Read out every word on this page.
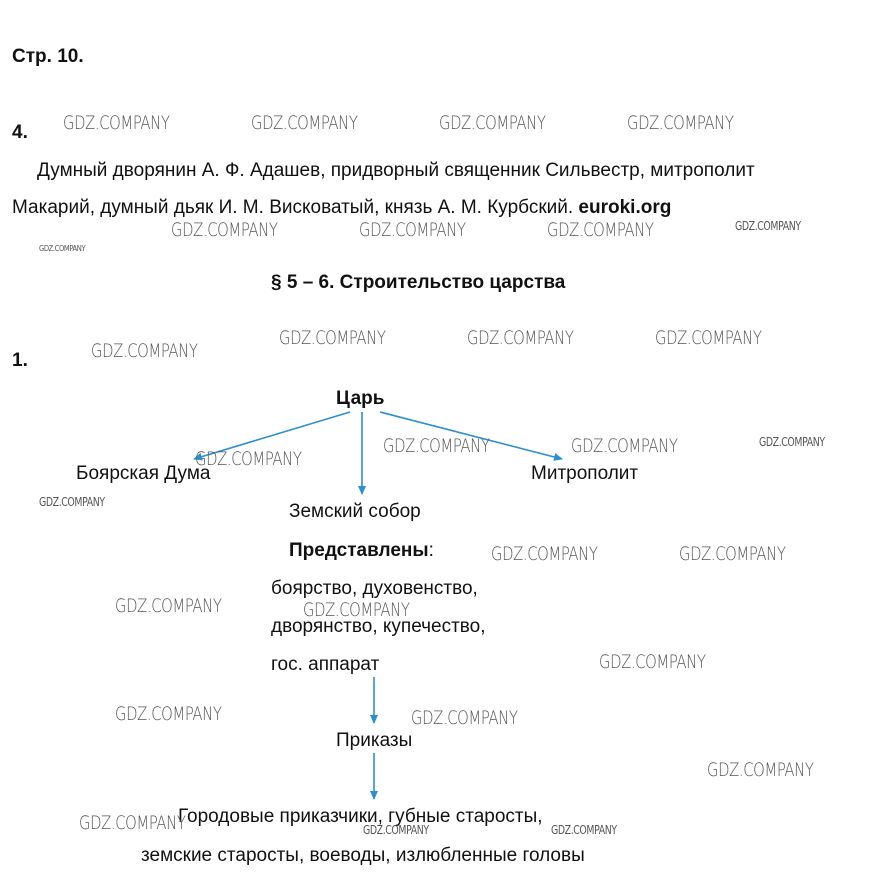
Стр. 10.
4.
Думный дворянин А. Ф. Адашев, придворный священник Сильвестр, митрополит
Макарий, думный дьяк И. М. Висковатый, князь А. М. Курбский. euroki.org
§ 5 – 6. Строительство царства
1.
Царь
Боярская Дума	Митрополит
Земский собор
Представлены:
боярство, духовенство,
дворянство, купечество,
гос. аппарат
Приказы
Городовые приказчики, губные старосты,
земские старосты, воеводы, излюбленные головы
GDZ.COMPANY	GDZ.COMPANY	GDZ.COMPANY	GDZ.COMPANY
GDZ.COMPANY	GDZ.COMPANY	GDZ.COMPANY	GDZ.COMPANY
GDZ.COMPANY
GDZ.COMPANY	GDZ.COMPANY	GDZ.COMPANY
GDZ.COMPANY
GDZ.COMPANY	GDZ.COMPANY	GDZ.COMPANY
GDZ.COMPANY
GDZ.COMPANY
GDZ.COMPANY	GDZ.COMPANY
GDZ.COMPANY	GDZ.COMPANY
GDZ.COMPANY
GDZ.COMPANY	GDZ.COMPANY
GDZ.COMPANY
GDZ.COMPANY	GDZ.COMPANY	GDZ.COMPANY
